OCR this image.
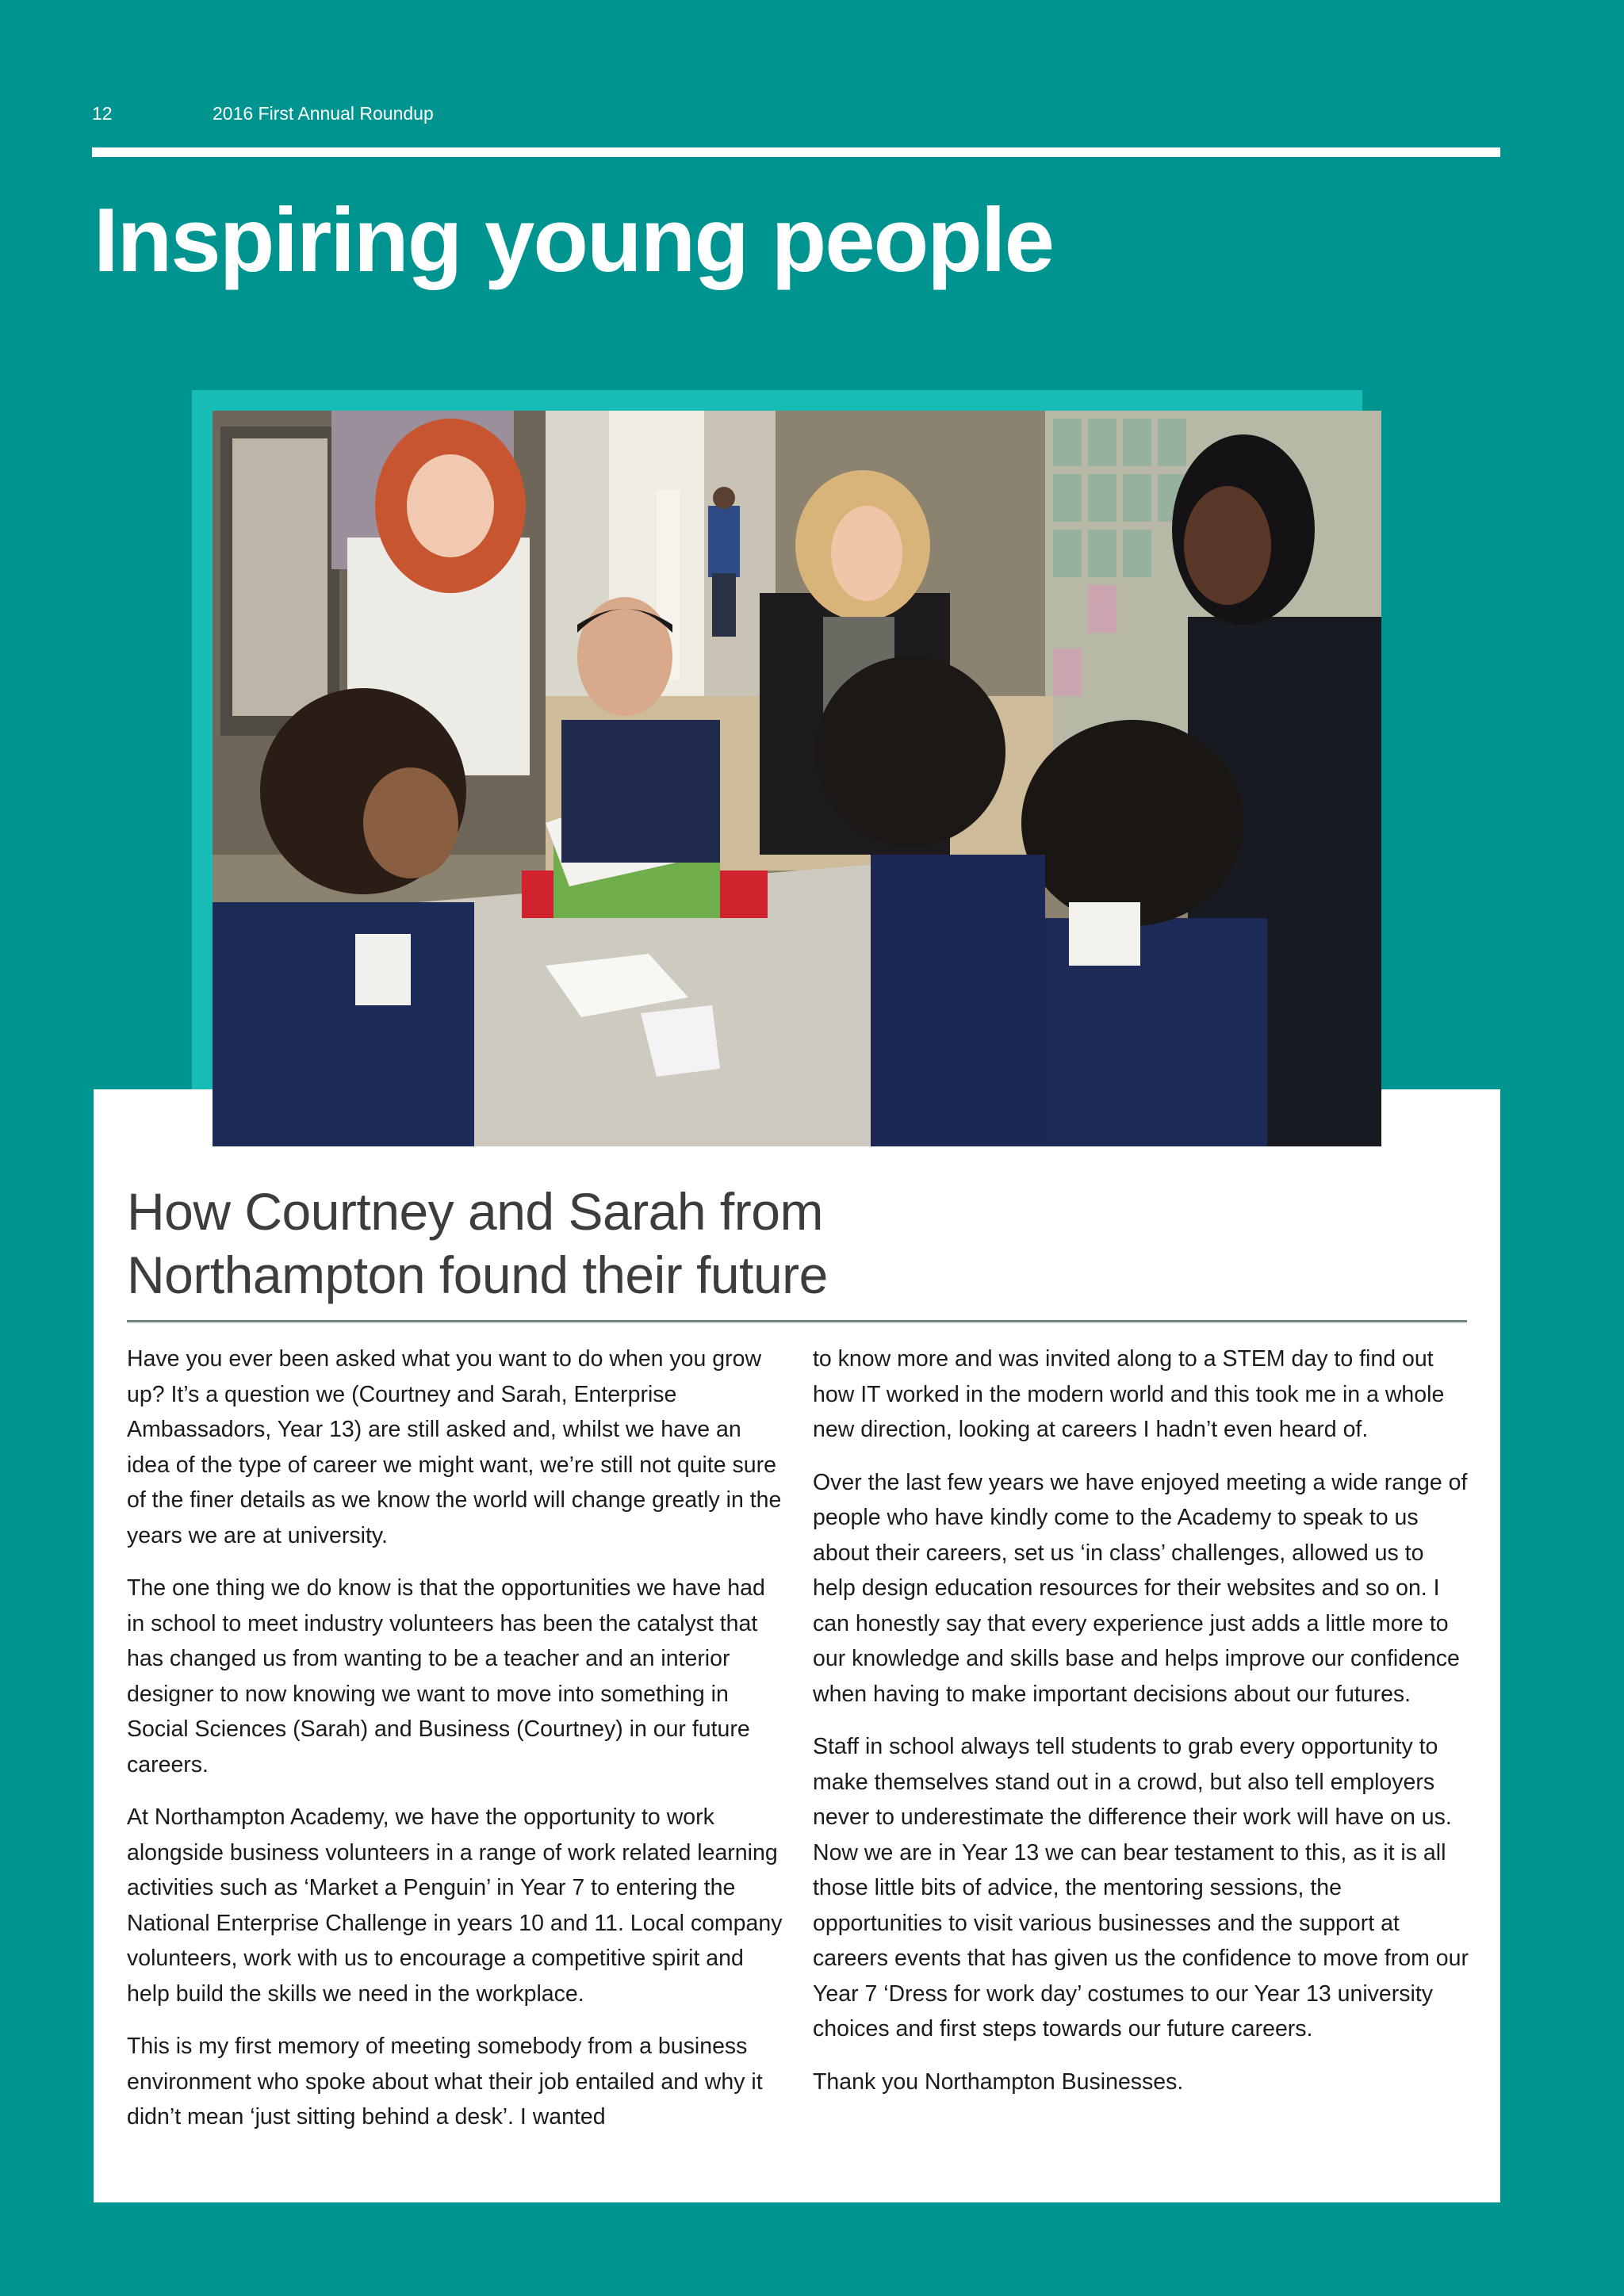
12	2016 First Annual Roundup
Inspiring young people
How Courtney and Sarah from
Northampton found their future

Have you ever been asked what you want to do when you grow up? It’s a question we (Courtney and Sarah, Enterprise Ambassadors, Year 13) are still asked and, whilst we have an idea of the type of career we might want, we’re still not quite sure of the finer details as we know the world will change greatly in the years we are at university.

The one thing we do know is that the opportunities we have had in school to meet industry volunteers has been the catalyst that has changed us from wanting to be a teacher and an interior designer to now knowing we want to move into something in Social Sciences (Sarah) and Business (Courtney) in our future careers.

At Northampton Academy, we have the opportunity to work alongside business volunteers in a range of work related learning activities such as ‘Market a Penguin’ in Year 7 to entering the National Enterprise Challenge in years 10 and 11. Local company volunteers, work with us to encourage a competitive spirit and help build the skills we need in the workplace.

This is my first memory of meeting somebody from a business environment who spoke about what their job entailed and why it didn’t mean ‘just sitting behind a desk’. I wanted

to know more and was invited along to a STEM day to find out how IT worked in the modern world and this took me in a whole new direction, looking at careers I hadn’t even heard of.

Over the last few years we have enjoyed meeting a wide range of people who have kindly come to the Academy to speak to us about their careers, set us ‘in class’ challenges, allowed us to help design education resources for their websites and so on. I can honestly say that every experience just adds a little more to our knowledge and skills base and helps improve our confidence when having to make important decisions about our futures.

Staff in school always tell students to grab every opportunity to make themselves stand out in a crowd, but also tell employers never to underestimate the difference their work will have on us. Now we are in Year 13 we can bear testament to this, as it is all those little bits of advice, the mentoring sessions, the opportunities to visit various businesses and the support at careers events that has given us the confidence to move from our Year 7 ‘Dress for work day’ costumes to our Year 13 university choices and first steps towards our future careers.

Thank you Northampton Businesses.
